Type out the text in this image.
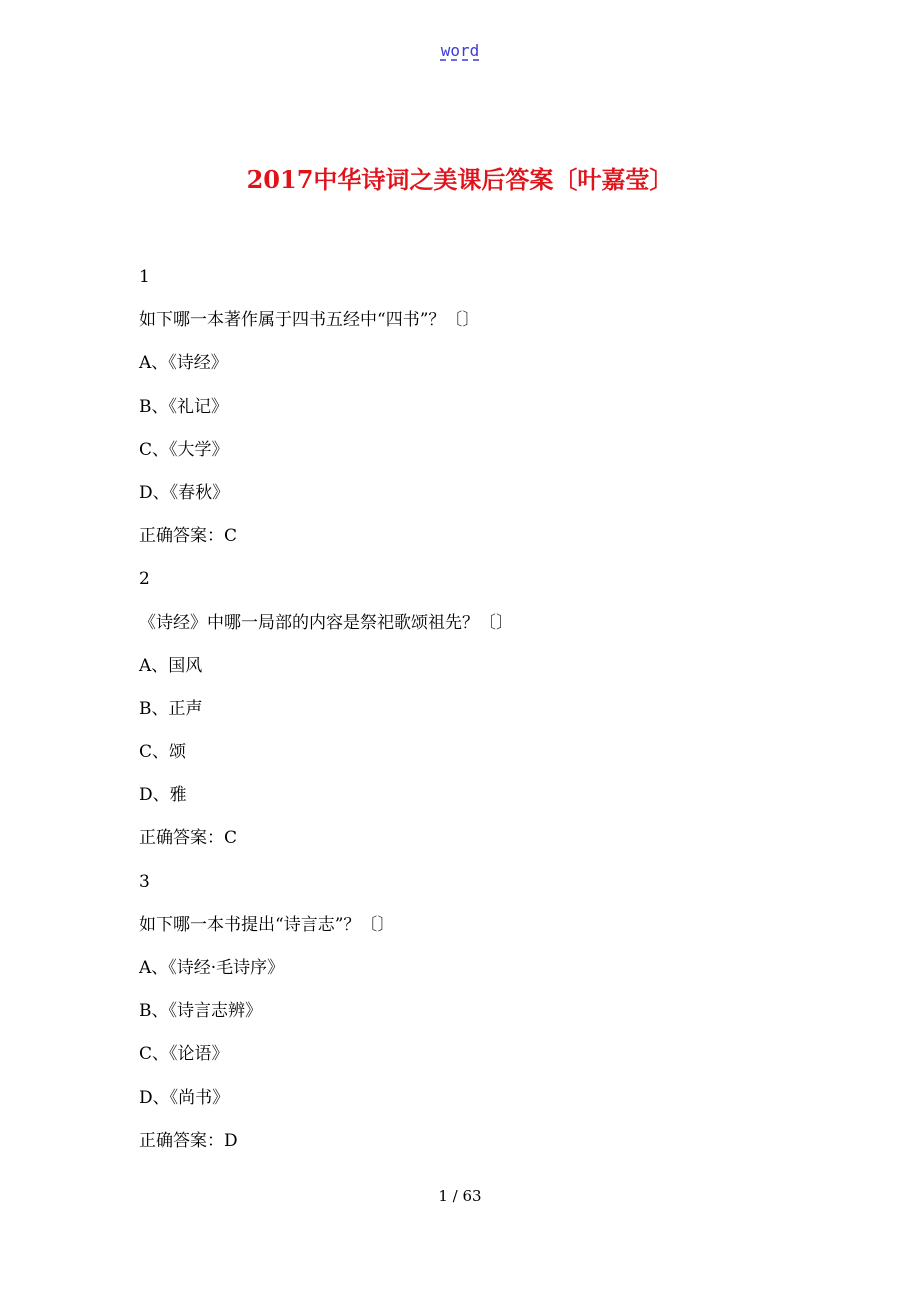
word
2017中华诗词之美课后答案〔叶嘉莹〕
1
如下哪一本著作属于四书五经中“四书”？〔〕
A、《诗经》
B、《礼记》
C、《大学》
D、《春秋》
正确答案：C
2
《诗经》中哪一局部的内容是祭祀歌颂祖先？〔〕
A、国风
B、正声
C、颂
D、雅
正确答案：C
3
如下哪一本书提出“诗言志”？〔〕
A、《诗经·毛诗序》
B、《诗言志辨》
C、《论语》
D、《尚书》
正确答案：D
1 / 63
